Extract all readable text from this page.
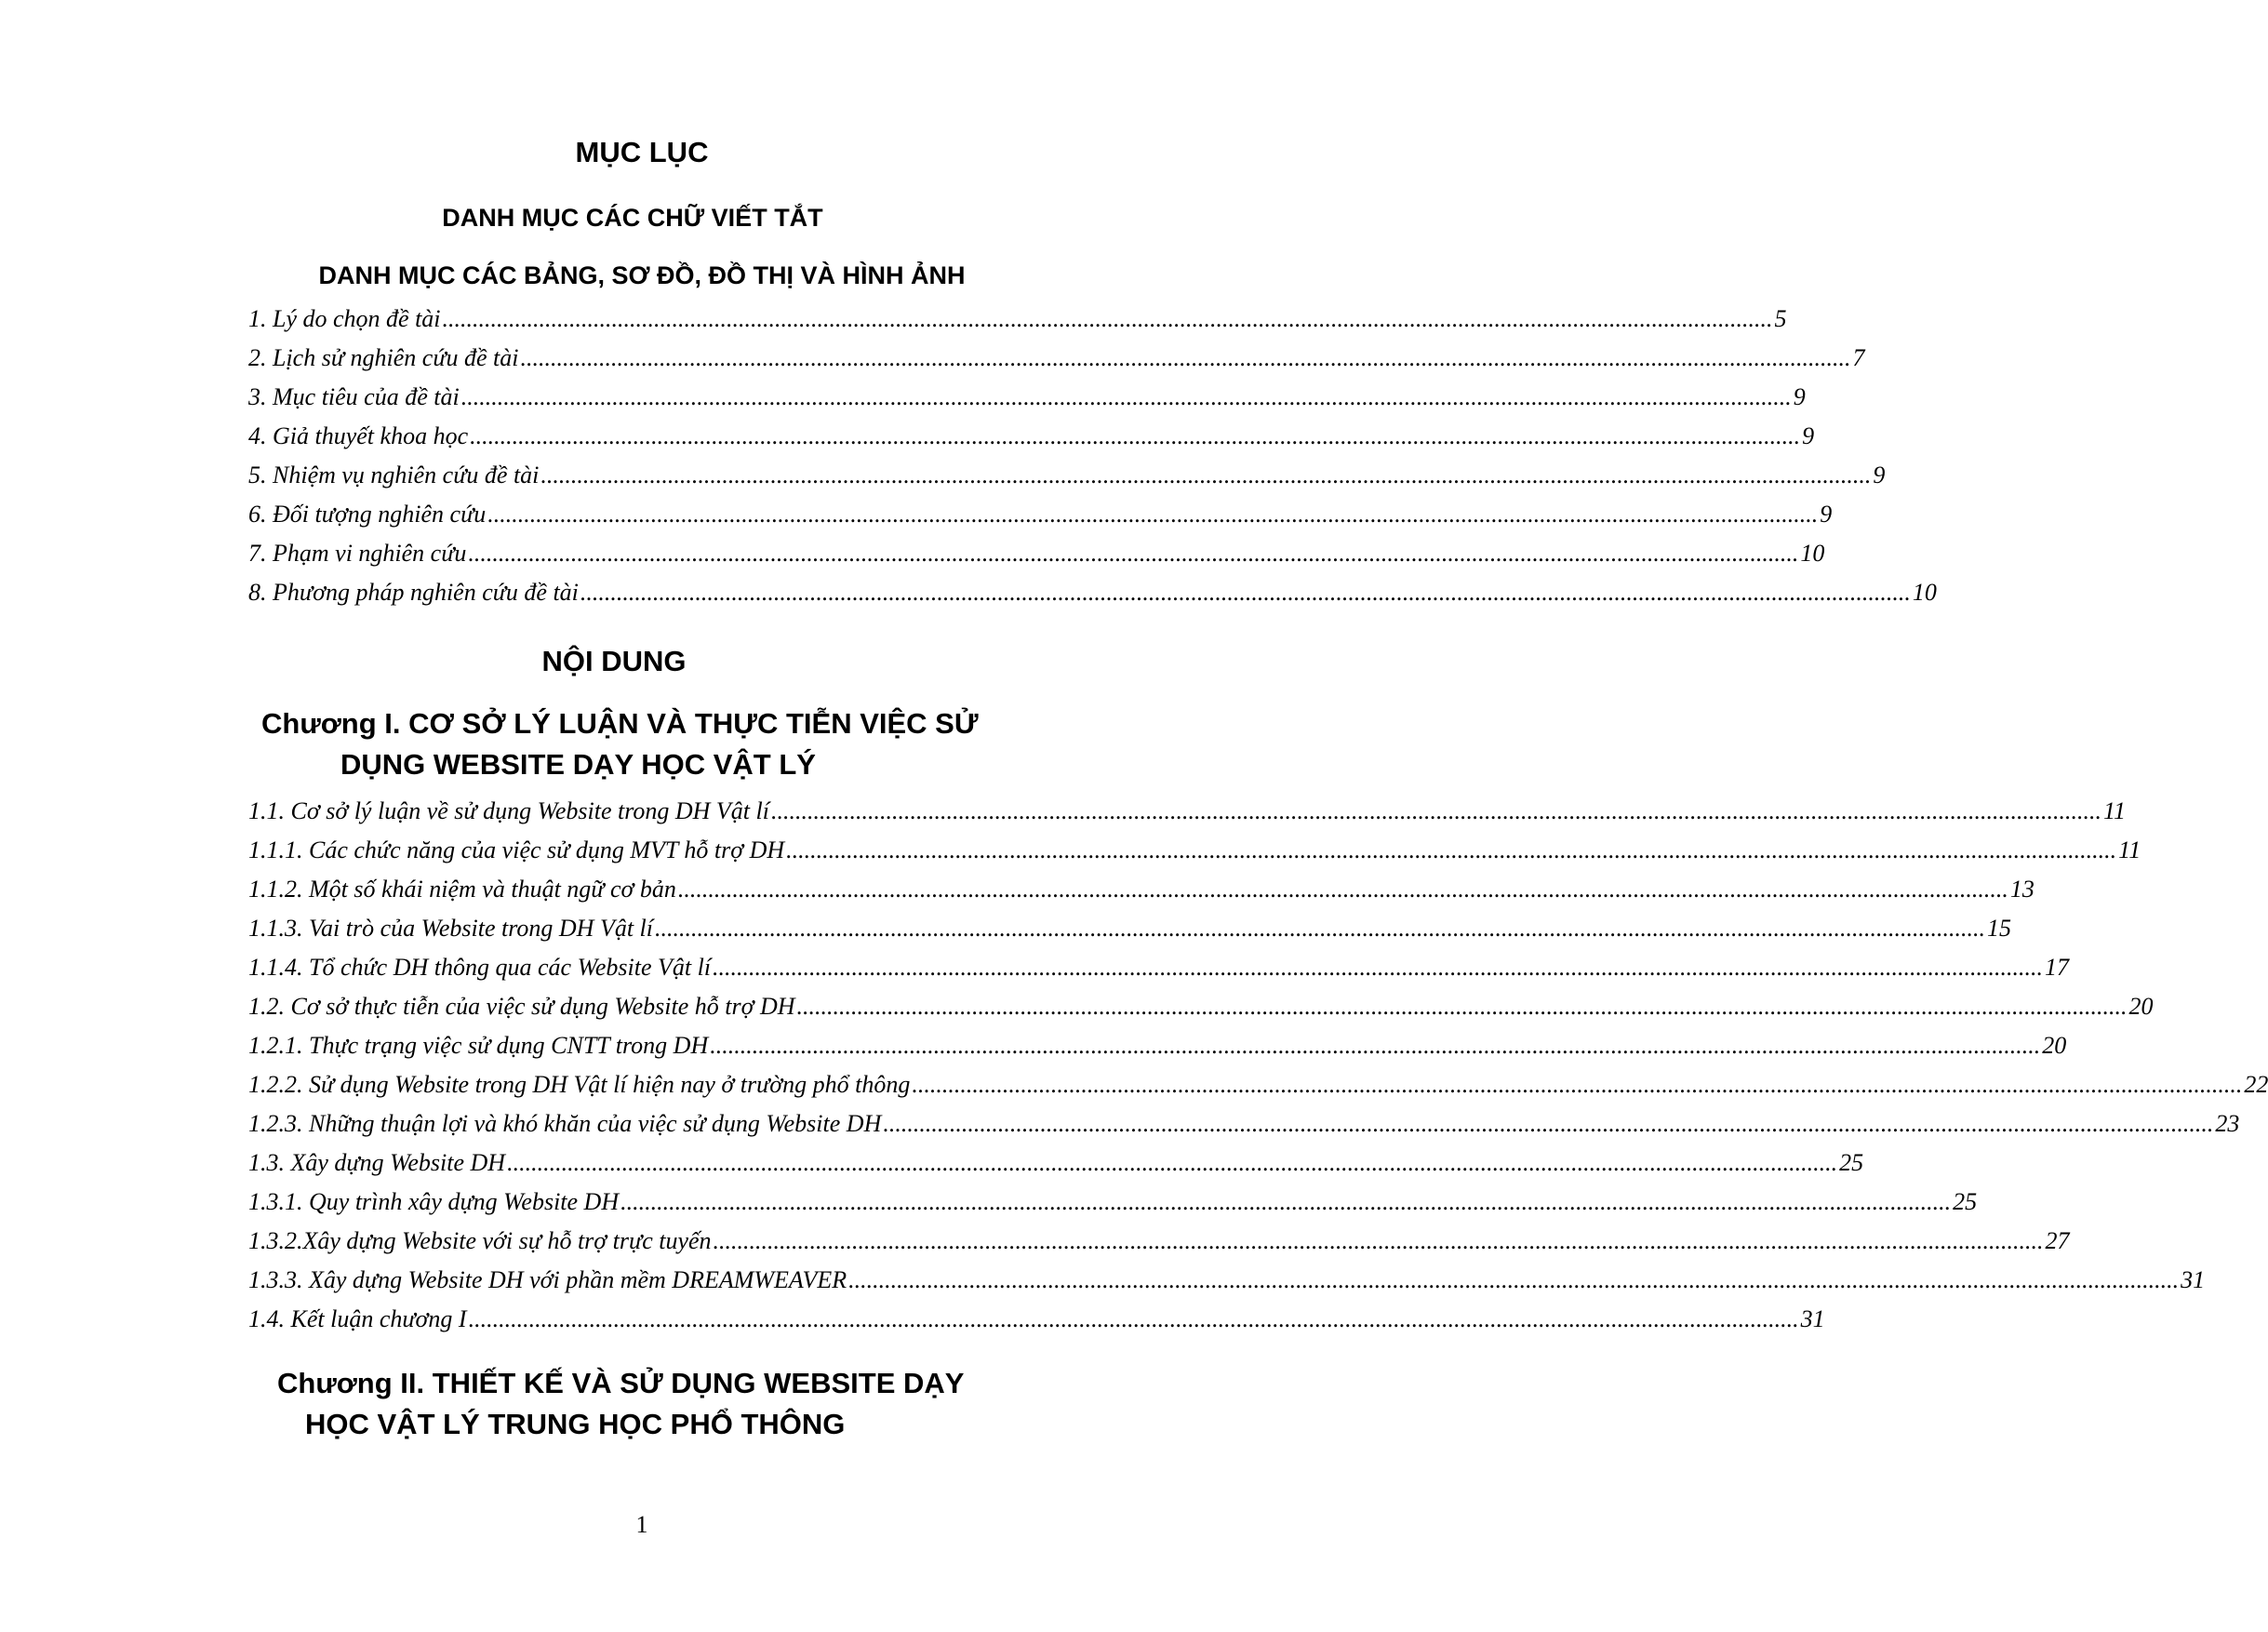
MỤC LỤC
DANH MỤC CÁC CHỮ VIẾT TẮT
DANH MỤC CÁC BẢNG, SƠ ĐỒ, ĐỒ THỊ VÀ HÌNH ẢNH
1. Lý do chọn đề tài ............................................................................................................................................................................................................................ 5
2. Lịch sử nghiên cứu đề tài ............................................................................................................................................................................................................................ 7
3. Mục tiêu của đề tài ............................................................................................................................................................................................................................ 9
4. Giả thuyết khoa học ............................................................................................................................................................................................................................ 9
5. Nhiệm vụ nghiên cứu đề tài ............................................................................................................................................................................................................................ 9
6. Đối tượng nghiên cứu ............................................................................................................................................................................................................................ 9
7. Phạm vi nghiên cứu ............................................................................................................................................................................................................................ 10
8. Phương pháp nghiên cứu đề tài ............................................................................................................................................................................................................................ 10
NỘI DUNG
Chương I. CƠ SỞ LÝ LUẬN VÀ THỰC TIỄN VIỆC SỬ
DỤNG WEBSITE DẠY HỌC VẬT LÝ
1.1. Cơ sở lý luận về sử dụng Website trong DH Vật lí ............................................................................................................................................................................................................................ 11
1.1.1. Các chức năng của việc sử dụng MVT hỗ trợ DH ............................................................................................................................................................................................................................ 11
1.1.2. Một số khái niệm và thuật ngữ cơ bản ............................................................................................................................................................................................................................ 13
1.1.3. Vai trò của Website trong DH Vật lí ............................................................................................................................................................................................................................ 15
1.1.4. Tổ chức DH thông qua các Website Vật lí ............................................................................................................................................................................................................................ 17
1.2. Cơ sở thực tiễn của việc sử dụng Website hỗ trợ DH ............................................................................................................................................................................................................................ 20
1.2.1. Thực trạng việc sử dụng CNTT trong DH ............................................................................................................................................................................................................................ 20
1.2.2. Sử dụng Website trong DH Vật lí hiện nay ở trường phổ thông ............................................................................................................................................................................................................................ 22
1.2.3. Những thuận lợi và khó khăn của việc sử dụng Website DH ............................................................................................................................................................................................................................ 23
1.3. Xây dựng Website DH ............................................................................................................................................................................................................................ 25
1.3.1. Quy trình xây dựng Website DH ............................................................................................................................................................................................................................ 25
1.3.2.Xây dựng Website với sự hỗ trợ trực tuyến ............................................................................................................................................................................................................................ 27
1.3.3. Xây dựng Website DH với phần mềm DREAMWEAVER ............................................................................................................................................................................................................................ 31
1.4. Kết luận chương I ............................................................................................................................................................................................................................ 31
Chương II. THIẾT KẾ VÀ SỬ DỤNG WEBSITE DẠY
HỌC VẬT LÝ TRUNG HỌC PHỔ THÔNG
1
